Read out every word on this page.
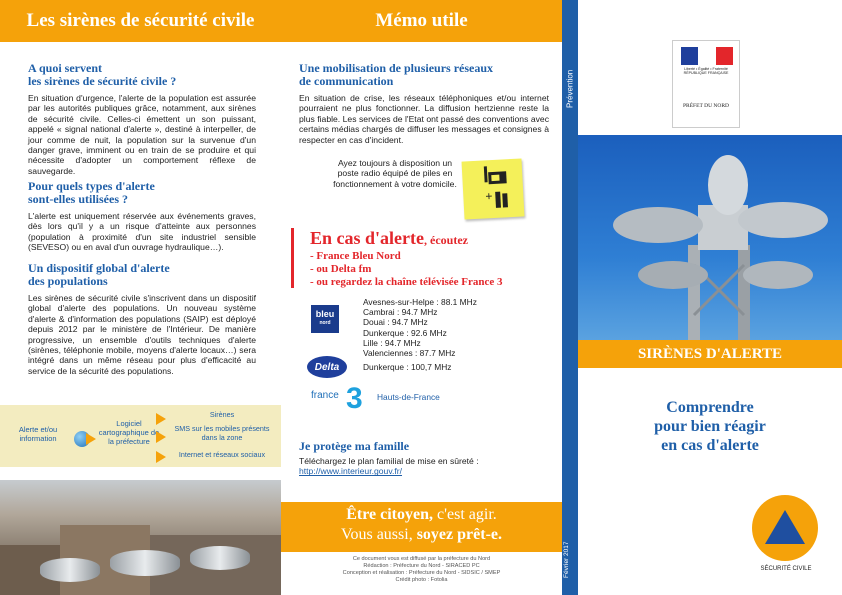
Les sirènes de sécurité civile
A quoi servent
les sirènes de sécurité civile ?

En situation d'urgence, l'alerte de la population est assurée par les autorités publiques grâce, notamment, aux sirènes de sécurité civile. Celles-ci émettent un son puissant, appelé « signal national d'alerte », destiné à interpeller, de jour comme de nuit, la population sur la survenue d'un danger grave, imminent ou en train de se produire et qui nécessite d'adopter un comportement réflexe de sauvegarde.

Pour quels types d'alerte
sont-elles utilisées ?

L'alerte est uniquement réservée aux événements graves, dès lors qu'il y a un risque d'atteinte aux personnes (population à proximité d'un site industriel sensible (SEVESO) ou en aval d'un ouvrage hydraulique…).

Un dispositif global d'alerte
des populations

Les sirènes de sécurité civile s'inscrivent dans un dispositif global d'alerte des populations. Un nouveau système d'alerte & d'information des populations (SAIP) est déployé depuis 2012 par le ministère de l'Intérieur. De manière progressive, un ensemble d'outils techniques d'alerte (sirènes, téléphonie mobile, moyens d'alerte locaux…) sera intégré dans un même réseau pour plus d'efficacité au service de la sécurité des populations.

Alerte et/ou information
Logiciel cartographique de la préfecture
Sirènes
SMS sur les mobiles présents dans la zone
Internet et réseaux sociaux
Mémo utile
Une mobilisation de plusieurs réseaux
de communication

En situation de crise, les réseaux téléphoniques et/ou internet pourraient ne plus fonctionner. La diffusion hertzienne reste la plus fiable. Les services de l'Etat ont passé des conventions avec certains médias chargés de diffuser les messages et consignes à respecter en cas d'incident.

Ayez toujours à disposition un poste radio équipé de piles en fonctionnement à votre domicile.
+
En cas d'alerte, écoutez
- France Bleu Nord
- ou Delta fm
- ou regardez la chaîne télévisée France 3
bleu
nord
Avesnes-sur-Helpe : 88.1 MHz
Cambrai : 94.7 MHz
Douai : 94.7 MHz
Dunkerque : 92.6 MHz
Lille : 94.7 MHz
Valenciennes : 87.7 MHz
Delta	Dunkerque : 100,7 MHz
france 3 Hauts-de-France
Je protège ma famille

Téléchargez le plan familial de mise en sûreté :

http://www.interieur.gouv.fr/
Être citoyen, c'est agir.
Vous aussi, soyez prêt-e.
Ce document vous est diffusé par la préfecture du Nord
Rédaction : Préfecture du Nord - SIRACED PC
Conception et réalisation : Préfecture du Nord - SIDSIC / SMEP
Crédit photo : Fotolia
Prévention
Février 2017
Liberté • Égalité • Fraternité RÉPUBLIQUE FRANÇAISE
PRÉFET DU NORD
SIRÈNES D'ALERTE
Comprendre
pour bien réagir
en cas d'alerte
SÉCURITÉ CIVILE
